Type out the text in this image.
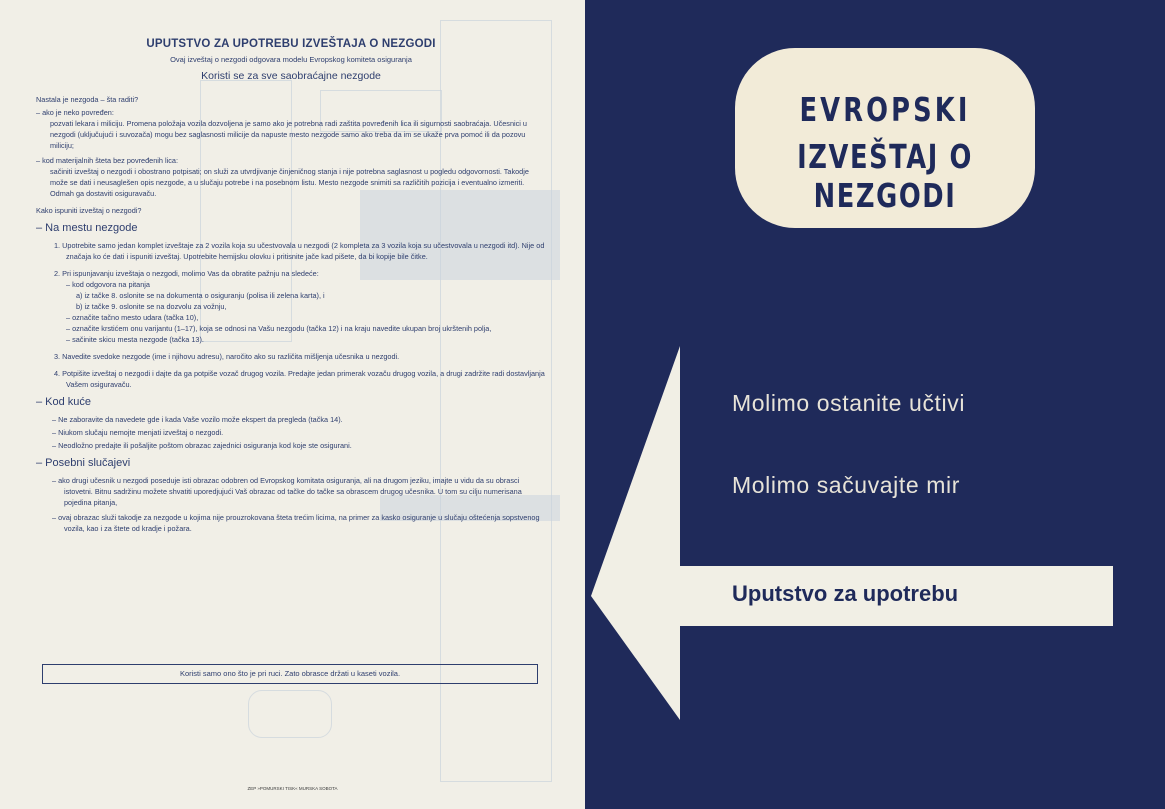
UPUTSTVO ZA UPOTREBU IZVEŠTAJA O NEZGODI
Ovaj izveštaj o nezgodi odgovara modelu Evropskog komiteta osiguranja
Koristi se za sve saobraćajne nezgode

Nastala je nezgoda – šta raditi?

– ako je neko povređen:

pozvati lekara i miliciju. Promena položaja vozila dozvoljena je samo ako je potrebna radi zaštita povređenih lica ili sigurnosti saobraćaja. Učesnici u nezgodi (uključujući i suvozača) mogu bez saglasnosti milicije da napuste mesto nezgode samo ako treba da im se ukaže prva pomoć ili da pozovu miliciju;

– kod materijalnih šteta bez povređenih lica:

sačiniti izveštaj o nezgodi i obostrano potpisati; on služi za utvrdjivanje činjeničnog stanja i nije potrebna saglasnost u pogledu odgovornosti. Takodje može se dati i neusaglešen opis nezgode, a u slučaju potrebe i na posebnom listu. Mesto nezgode snimiti sa različitih pozicija i eventualno izmeriti. Odmah ga dostaviti osiguravaču.

Kako ispuniti izveštaj o nezgodi?

– Na mestu nezgode
1. Upotrebite samo jedan komplet izveštaje za 2 vozila koja su učestvovala u nezgodi (2 kompleta za 3 vozila koja su učestvovala u nezgodi itd). Nije od značaja ko će dati i ispuniti izveštaj. Upotrebite hemijsku olovku i pritisnite jače kad pišete, da bi kopije bile čitke.
2. Pri ispunjavanju izveštaja o nezgodi, molimo Vas da obratite pažnju na sledeće:
– kod odgovora na pitanja
a) iz tačke 8. oslonite se na dokumenta o osiguranju (polisa ili zelena karta), i
b) iz tačke 9. oslonite se na dozvolu za vožnju,
– označite tačno mesto udara (tačka 10),
– označite krstićem onu varijantu (1–17), koja se odnosi na Vašu nezgodu (tačka 12) i na kraju navedite ukupan broj ukrštenih polja,
– sačinite skicu mesta nezgode (tačka 13).
3. Navedite svedoke nezgode (ime i njihovu adresu), naročito ako su različita mišljenja učesnika u nezgodi.
4. Potpišite izveštaj o nezgodi i dajte da ga potpiše vozač drugog vozila. Predajte jedan primerak vozaču drugog vozila, a drugi zadržite radi dostavljanja Vašem osiguravaču.
– Kod kuće
– Ne zaboravite da navedete gde i kada Vaše vozilo može ekspert da pregleda (tačka 14).
– Niukom slučaju nemojte menjati izveštaj o nezgodi.
– Neodložno predajte ili pošaljite poštom obrazac zajednici osiguranja kod koje ste osigurani.
– Posebni slučajevi
– ako drugi učesnik u nezgodi poseduje isti obrazac odobren od Evropskog komitata osiguranja, ali na drugom jeziku, imajte u vidu da su obrasci istovetni. Bitnu sadržinu možete shvatiti uporedjujući Vaš obrazac od tačke do tačke sa obrascem drugog učesnika. U tom su cilju numerisana pojedina pitanja,
– ovaj obrazac služi takodje za nezgode u kojima nije prouzrokovana šteta trećim licima, na primer za kasko osiguranje u slučaju oštećenja sopstvenog vozila, kao i za štete od kradje i požara.
Koristi samo ono što je pri ruci. Zato obrasce držati u kaseti vozila.
ZEP »POMURSKI TISK« MURSKA SOBOTA
EVROPSKI
IZVEŠTAJ O NEZGODI
Molimo ostanite učtivi
Molimo sačuvajte mir
Uputstvo za upotrebu
